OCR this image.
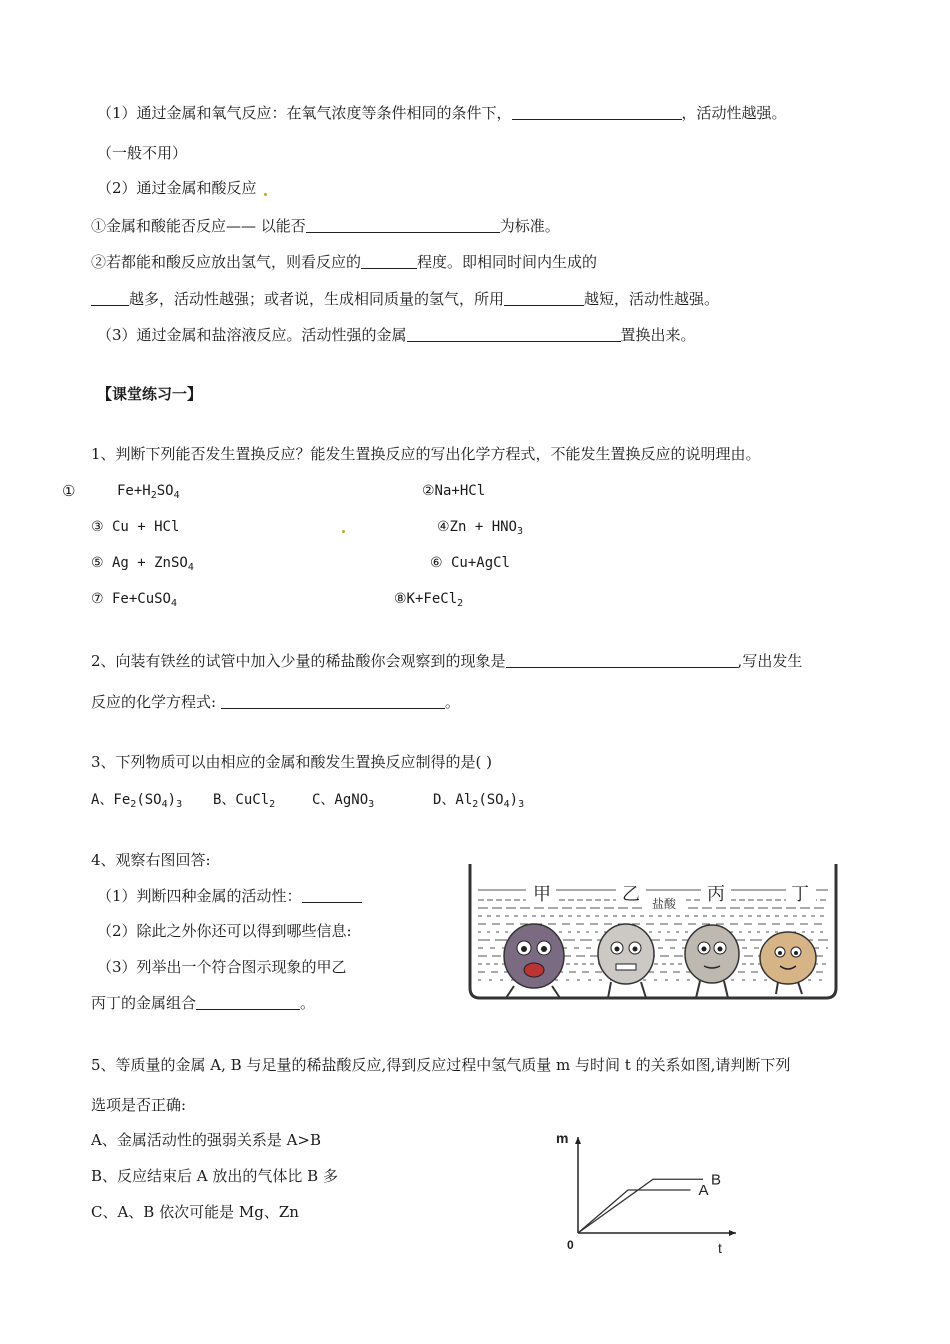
（1）通过金属和氧气反应：在氧气浓度等条件相同的条件下，	，活动性越强。
（一般不用）
（2）通过金属和酸反应
①金属和酸能否反应—— 以能否	为标准。
②若都能和酸反应放出氢气，则看反应的	程度。即相同时间内生成的
越多，活动性越强；或者说，生成相同质量的氢气，所用	越短，活动性越强。
（3）通过金属和盐溶液反应。活动性强的金属	置换出来。
【课堂练习一】
1、判断下列能否发生置换反应？能发生置换反应的写出化学方程式，不能发生置换反应的说明理由。
①	$Fe+H_2SO_4$	②Na+HCl
③ Cu + HCl	④Zn + $HNO_3$
⑤ Ag + ZnSO$_4$	⑥ Cu+AgCl
⑦ Fe+CuSO$_4$	⑧K+FeCl$_2$
2、向装有铁丝的试管中加入少量的稀盐酸你会观察到的现象是	,写出发生
反应的化学方程式:	。
3、下列物质可以由相应的金属和酸发生置换反应制得的是( )
A、$Fe_2(SO_4)_3$ B、CuCl$_2$	C、AgNO$_3$	D、$Al_2(SO_4)_3$
4、观察右图回答:
（1）判断四种金属的活动性：
（2）除此之外你还可以得到哪些信息:
（3）列举出一个符合图示现象的甲乙
丙丁的金属组合	。
甲	乙	丙	丁
盐酸
5、等质量的金属 A, B 与足量的稀盐酸反应,得到反应过程中氢气质量 m 与时间 t 的关系如图,请判断下列
选项是否正确:
A、金属活动性的强弱关系是 A>B
B、反应结束后 A 放出的气体比 B 多
C、A、B 依次可能是 Mg、Zn
A
B
m
t
0
